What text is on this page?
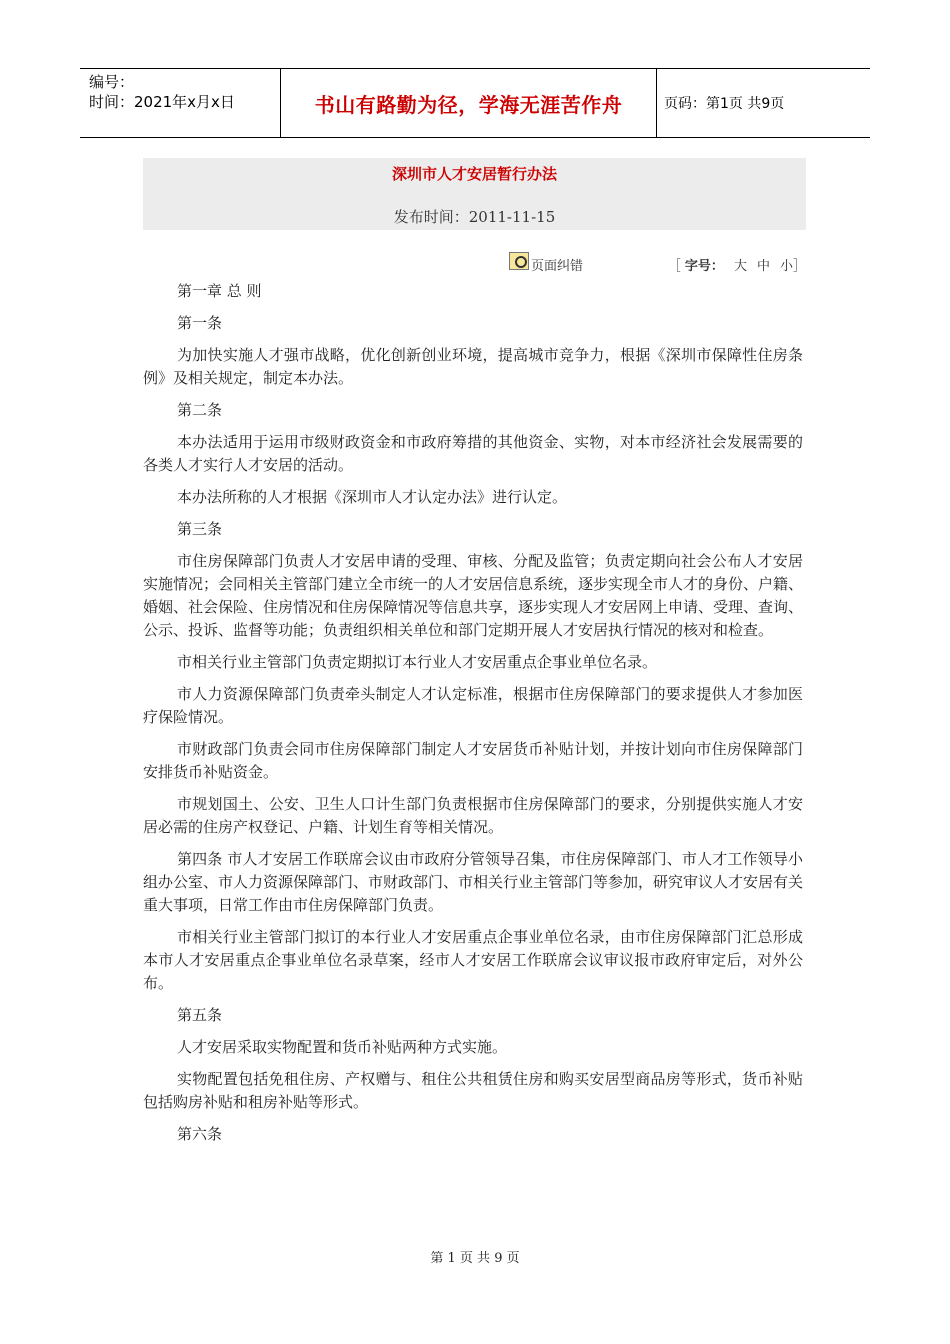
编号：
时间：2021年x月x日	书山有路勤为径，学海无涯苦作舟	页码：第1页 共9页
深圳市人才安居暂行办法
发布时间：2011-11-15
页面纠错	［ 字号： 大 中 小］

第一章 总 则

第一条

为加快实施人才强市战略，优化创新创业环境，提高城市竞争力，根据《深圳市保障性住房条例》及相关规定，制定本办法。

第二条

本办法适用于运用市级财政资金和市政府筹措的其他资金、实物，对本市经济社会发展需要的各类人才实行人才安居的活动。

本办法所称的人才根据《深圳市人才认定办法》进行认定。

第三条

市住房保障部门负责人才安居申请的受理、审核、分配及监管；负责定期向社会公布人才安居实施情况；会同相关主管部门建立全市统一的人才安居信息系统，逐步实现全市人才的身份、户籍、婚姻、社会保险、住房情况和住房保障情况等信息共享，逐步实现人才安居网上申请、受理、查询、公示、投诉、监督等功能；负责组织相关单位和部门定期开展人才安居执行情况的核对和检查。

市相关行业主管部门负责定期拟订本行业人才安居重点企事业单位名录。

市人力资源保障部门负责牵头制定人才认定标准，根据市住房保障部门的要求提供人才参加医疗保险情况。

市财政部门负责会同市住房保障部门制定人才安居货币补贴计划，并按计划向市住房保障部门安排货币补贴资金。

市规划国土、公安、卫生人口计生部门负责根据市住房保障部门的要求，分别提供实施人才安居必需的住房产权登记、户籍、计划生育等相关情况。

第四条 市人才安居工作联席会议由市政府分管领导召集，市住房保障部门、市人才工作领导小组办公室、市人力资源保障部门、市财政部门、市相关行业主管部门等参加，研究审议人才安居有关重大事项，日常工作由市住房保障部门负责。

市相关行业主管部门拟订的本行业人才安居重点企事业单位名录，由市住房保障部门汇总形成本市人才安居重点企事业单位名录草案，经市人才安居工作联席会议审议报市政府审定后，对外公布。

第五条

人才安居采取实物配置和货币补贴两种方式实施。

实物配置包括免租住房、产权赠与、租住公共租赁住房和购买安居型商品房等形式，货币补贴包括购房补贴和租房补贴等形式。

第六条

第 1 页 共 9 页
